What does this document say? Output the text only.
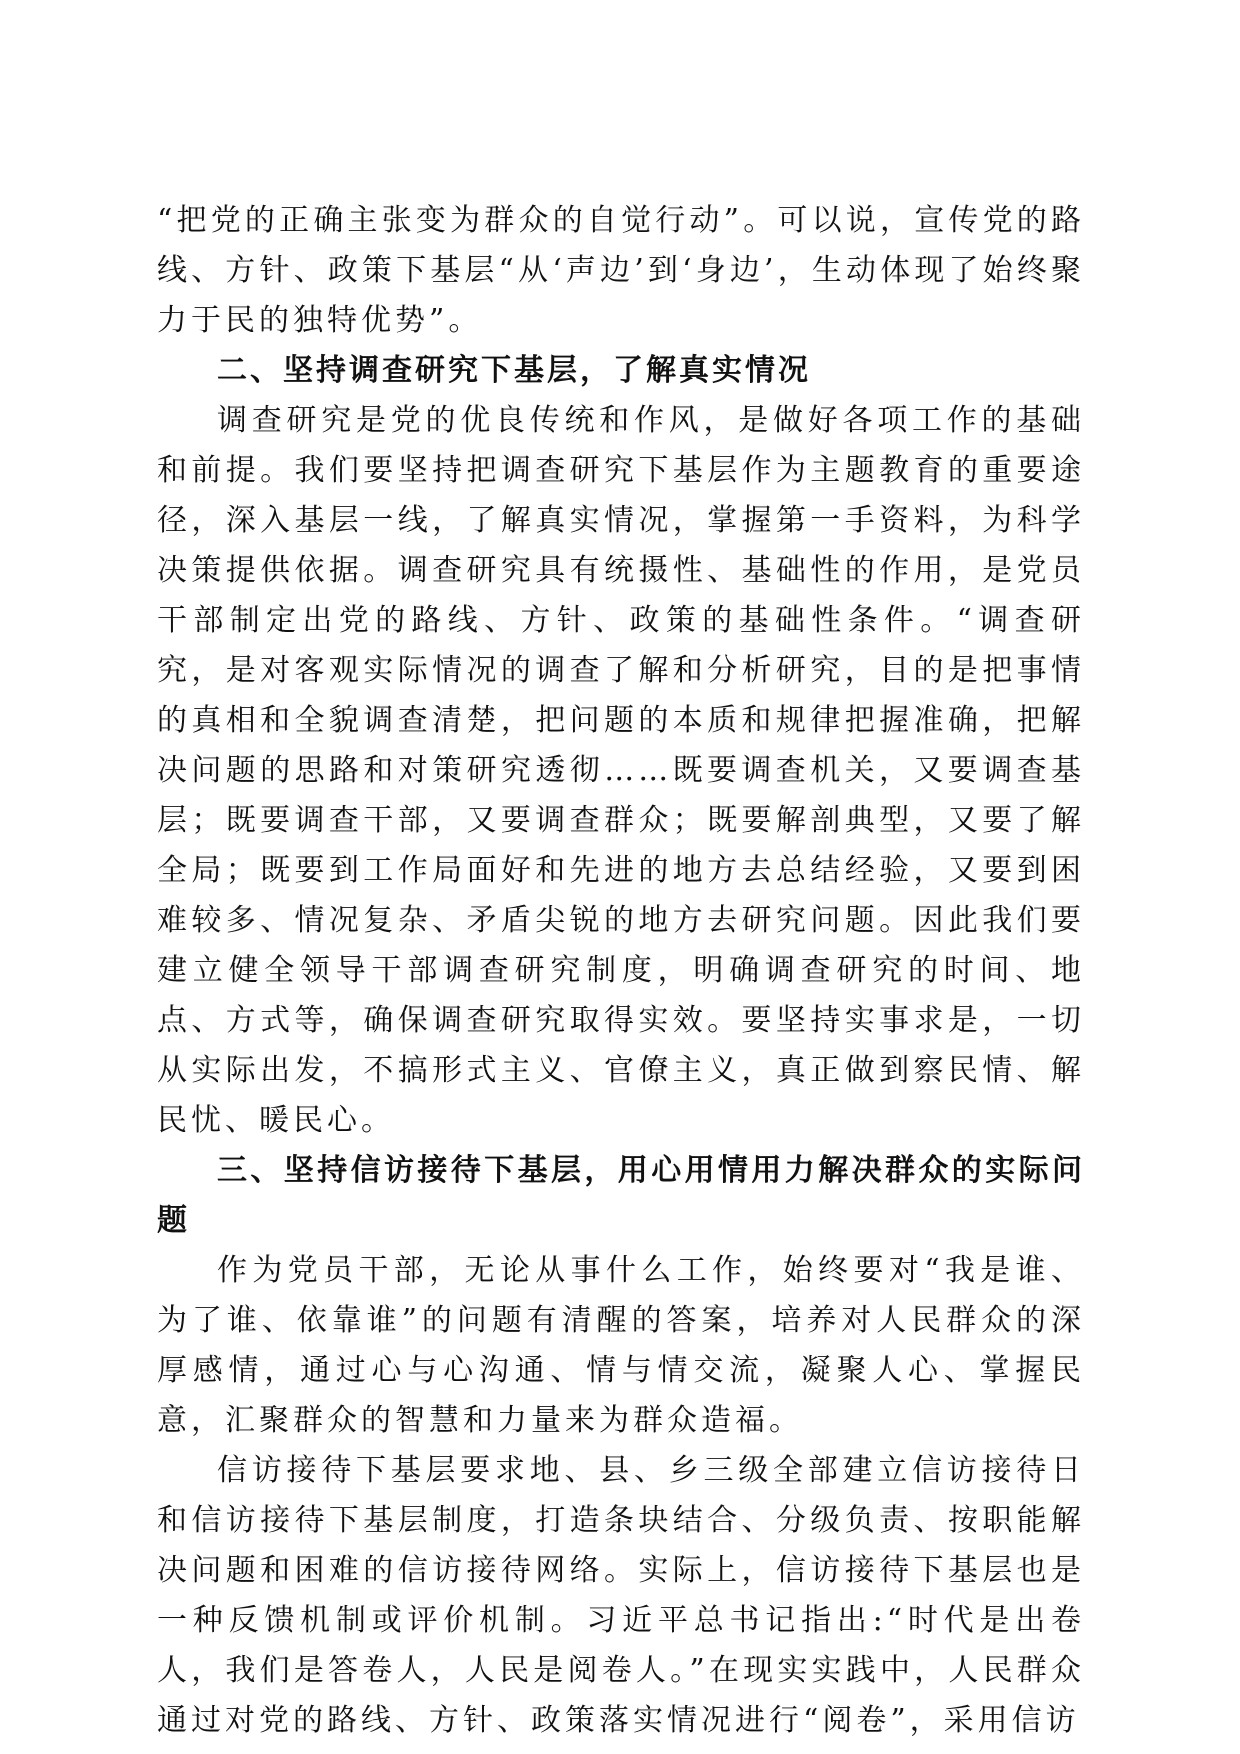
“把党的正确主张变为群众的自觉行动”。可以说，宣传党的路线、方针、政策下基层“从‘声边’到‘身边’，生动体现了始终聚力于民的独特优势”。

二、坚持调查研究下基层，了解真实情况

调查研究是党的优良传统和作风，是做好各项工作的基础和前提。我们要坚持把调查研究下基层作为主题教育的重要途径，深入基层一线，了解真实情况，掌握第一手资料，为科学决策提供依据。调查研究具有统摄性、基础性的作用，是党员干部制定出党的路线、方针、政策的基础性条件。“调查研究，是对客观实际情况的调查了解和分析研究，目的是把事情的真相和全貌调查清楚，把问题的本质和规律把握准确，把解决问题的思路和对策研究透彻……既要调查机关，又要调查基层；既要调查干部，又要调查群众；既要解剖典型，又要了解全局；既要到工作局面好和先进的地方去总结经验，又要到困难较多、情况复杂、矛盾尖锐的地方去研究问题。因此我们要建立健全领导干部调查研究制度，明确调查研究的时间、地点、方式等，确保调查研究取得实效。要坚持实事求是，一切从实际出发，不搞形式主义、官僚主义，真正做到察民情、解民忧、暖民心。

三、坚持信访接待下基层，用心用情用力解决群众的实际问题

作为党员干部，无论从事什么工作，始终要对“我是谁、为了谁、依靠谁”的问题有清醒的答案，培养对人民群众的深厚感情，通过心与心沟通、情与情交流，凝聚人心、掌握民意，汇聚群众的智慧和力量来为群众造福。

信访接待下基层要求地、县、乡三级全部建立信访接待日和信访接待下基层制度，打造条块结合、分级负责、按职能解决问题和困难的信访接待网络。实际上，信访接待下基层也是一种反馈机制或评价机制。习近平总书记指出:“时代是出卷人，我们是答卷人，人民是阅卷人。”在现实实践中，人民群众通过对党的路线、方针、政策落实情况进行“阅卷”，采用信访
